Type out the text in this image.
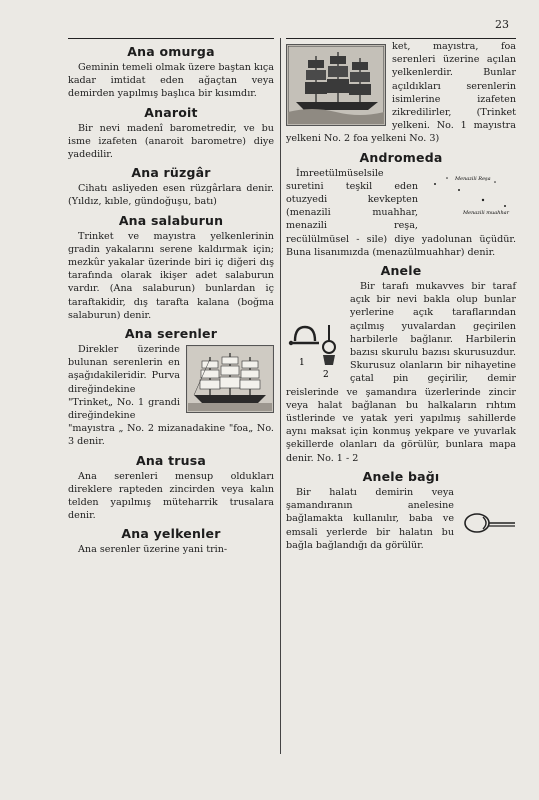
23
Ana omurga

Geminin temeli olmak üzere baştan kıça kadar imtidat eden ağaçtan veya demirden yapılmış başlıca bir kısımdır.

Anaroit

Bir nevi madenî barometredir, ve bu isme izafeten (anaroit barometre) diye yadedilir.

Ana rüzgâr

Cihatı asliyeden esen rüzgârlara denir. (Yıldız, kıble, gündoğuşu, batı)

Ana salaburun

Trinket ve mayıstra yelkenlerinin gradin yakalarını serene kaldırmak için; mezkûr yakalar üzerinde biri iç diğeri dış tarafında olarak ikişer adet salaburun vardır. (Ana salaburun) bunlardan iç taraftakidir, dış tarafta kalana (boğma salaburun) denir.

Ana serenler

Direkler üzerinde bulunan serenlerin en aşağıdakileridir. Purva direğindekine "Trinket„ No. 1 grandi direğindekine

"mayıstra „ No. 2 mizanadakine "foa„ No. 3 denir.

Ana trusa

Ana serenleri mensup oldukları direklere rapteden zincirden veya kalın telden yapılmış müteharrik trusalara denir.

Ana yelkenler

Ana serenler üzerine yani trin-

ket, mayıstra, foa serenleri üzerine açılan yelkenlerdir. Bunlar açıldıkları serenlerin isimlerine izafeten zikredilirler, (Trinket yelkeni. No. 1 mayıstra yelkeni No. 2 foa yelkeni No. 3)

Andromeda
Menazili Reşa
Menazili muahhar

İmreetülmüselsile suretini teşkil eden otuzyedi kevkepten (menazili muahhar, menazili reşa, recülülmüsel - sile) diye yadolunan üçüdür. Buna lisanımızda (menazülmuahhar) denir.

Anele
1
2

Bir tarafı mukavves bir taraf açık bir nevi bakla olup bunlar yerlerine açık taraflarından açılmış yuvalardan geçirilen harbilerle bağlanır. Harbilerin bazısı skurulu bazısı skurusuzdur. Skurusuz olanların bir nihayetine çatal pin geçirilir, demir reislerinde ve şamandıra üzerlerinde zincir veya halat bağlanan bu halkaların rıhtım üstlerinde ve yatak yeri yapılmış sahillerde aynı maksat için konmuş yekpare ve yuvarlak şekillerde olanları da görülür, bunlara mapa denir. No. 1 - 2

Anele bağı

Bir halatı demirin veya şamandıranın anelesine bağlamakta kullanılır, baba ve emsali yerlerde bir halatın bu bağla bağlandığı da görülür.
